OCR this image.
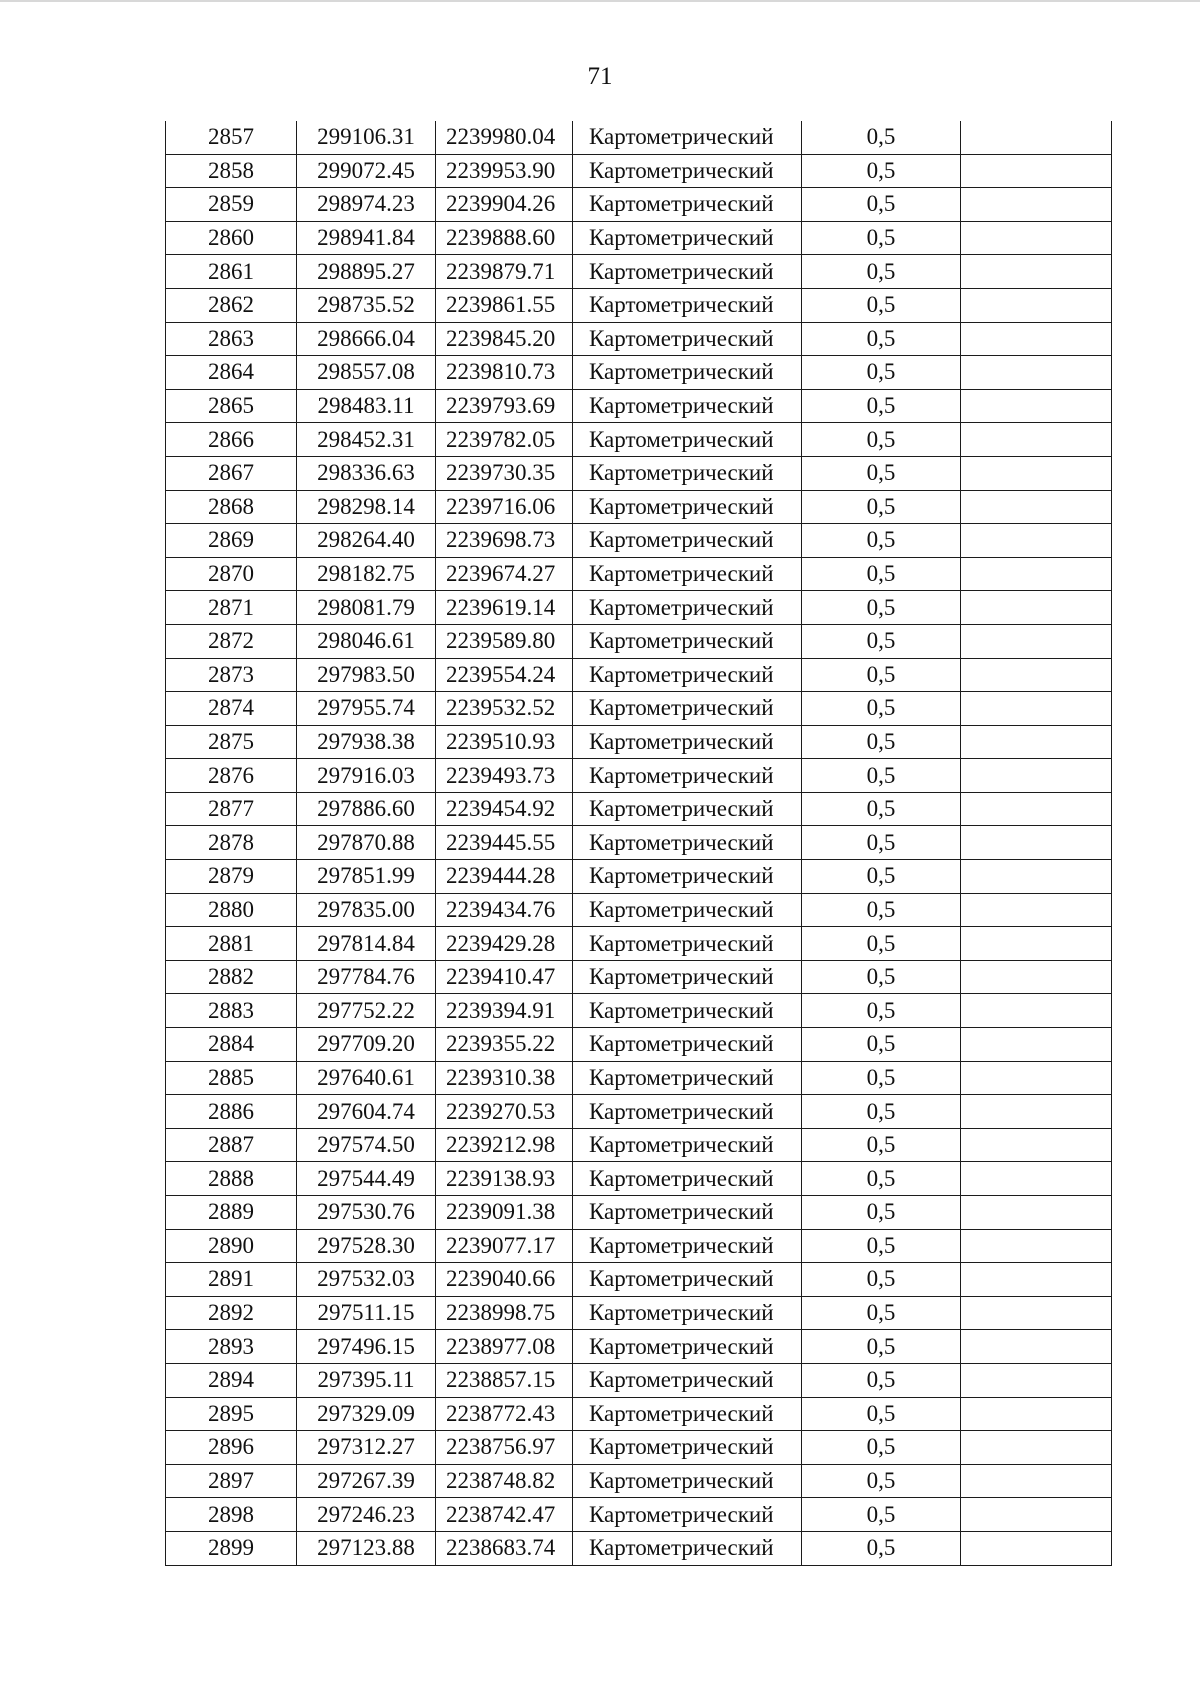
71
2857	299106.31	2239980.04	Картометрический	0,5	
2858	299072.45	2239953.90	Картометрический	0,5	
2859	298974.23	2239904.26	Картометрический	0,5	
2860	298941.84	2239888.60	Картометрический	0,5	
2861	298895.27	2239879.71	Картометрический	0,5	
2862	298735.52	2239861.55	Картометрический	0,5	
2863	298666.04	2239845.20	Картометрический	0,5	
2864	298557.08	2239810.73	Картометрический	0,5	
2865	298483.11	2239793.69	Картометрический	0,5	
2866	298452.31	2239782.05	Картометрический	0,5	
2867	298336.63	2239730.35	Картометрический	0,5	
2868	298298.14	2239716.06	Картометрический	0,5	
2869	298264.40	2239698.73	Картометрический	0,5	
2870	298182.75	2239674.27	Картометрический	0,5	
2871	298081.79	2239619.14	Картометрический	0,5	
2872	298046.61	2239589.80	Картометрический	0,5	
2873	297983.50	2239554.24	Картометрический	0,5	
2874	297955.74	2239532.52	Картометрический	0,5	
2875	297938.38	2239510.93	Картометрический	0,5	
2876	297916.03	2239493.73	Картометрический	0,5	
2877	297886.60	2239454.92	Картометрический	0,5	
2878	297870.88	2239445.55	Картометрический	0,5	
2879	297851.99	2239444.28	Картометрический	0,5	
2880	297835.00	2239434.76	Картометрический	0,5	
2881	297814.84	2239429.28	Картометрический	0,5	
2882	297784.76	2239410.47	Картометрический	0,5	
2883	297752.22	2239394.91	Картометрический	0,5	
2884	297709.20	2239355.22	Картометрический	0,5	
2885	297640.61	2239310.38	Картометрический	0,5	
2886	297604.74	2239270.53	Картометрический	0,5	
2887	297574.50	2239212.98	Картометрический	0,5	
2888	297544.49	2239138.93	Картометрический	0,5	
2889	297530.76	2239091.38	Картометрический	0,5	
2890	297528.30	2239077.17	Картометрический	0,5	
2891	297532.03	2239040.66	Картометрический	0,5	
2892	297511.15	2238998.75	Картометрический	0,5	
2893	297496.15	2238977.08	Картометрический	0,5	
2894	297395.11	2238857.15	Картометрический	0,5	
2895	297329.09	2238772.43	Картометрический	0,5	
2896	297312.27	2238756.97	Картометрический	0,5	
2897	297267.39	2238748.82	Картометрический	0,5	
2898	297246.23	2238742.47	Картометрический	0,5	
2899	297123.88	2238683.74	Картометрический	0,5	
